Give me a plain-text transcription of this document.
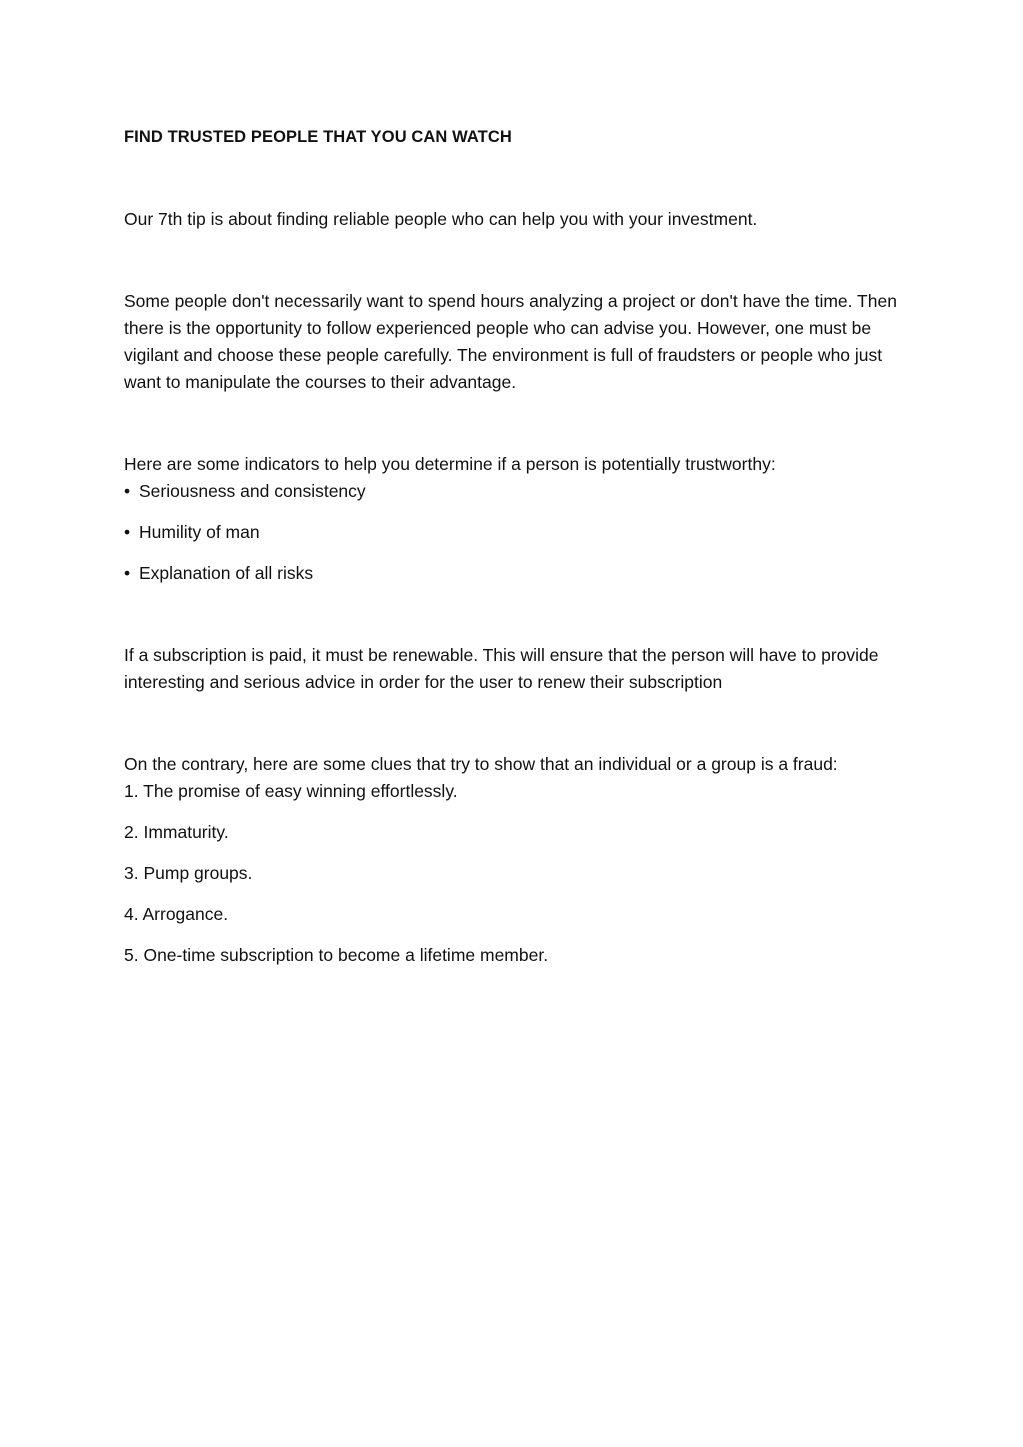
FIND TRUSTED PEOPLE THAT YOU CAN WATCH

Our 7th tip is about finding reliable people who can help you with your investment.

Some people don't necessarily want to spend hours analyzing a project or don't have the time. Then there is the opportunity to follow experienced people who can advise you. However, one must be vigilant and choose these people carefully. The environment is full of fraudsters or people who just want to manipulate the courses to their advantage.

Here are some indicators to help you determine if a person is potentially trustworthy:

• Seriousness and consistency
• Humility of man
• Explanation of all risks

If a subscription is paid, it must be renewable. This will ensure that the person will have to provide interesting and serious advice in order for the user to renew their subscription

On the contrary, here are some clues that try to show that an individual or a group is a fraud:

1. The promise of easy winning effortlessly.
2. Immaturity.
3. Pump groups.
4. Arrogance.
5. One-time subscription to become a lifetime member.
